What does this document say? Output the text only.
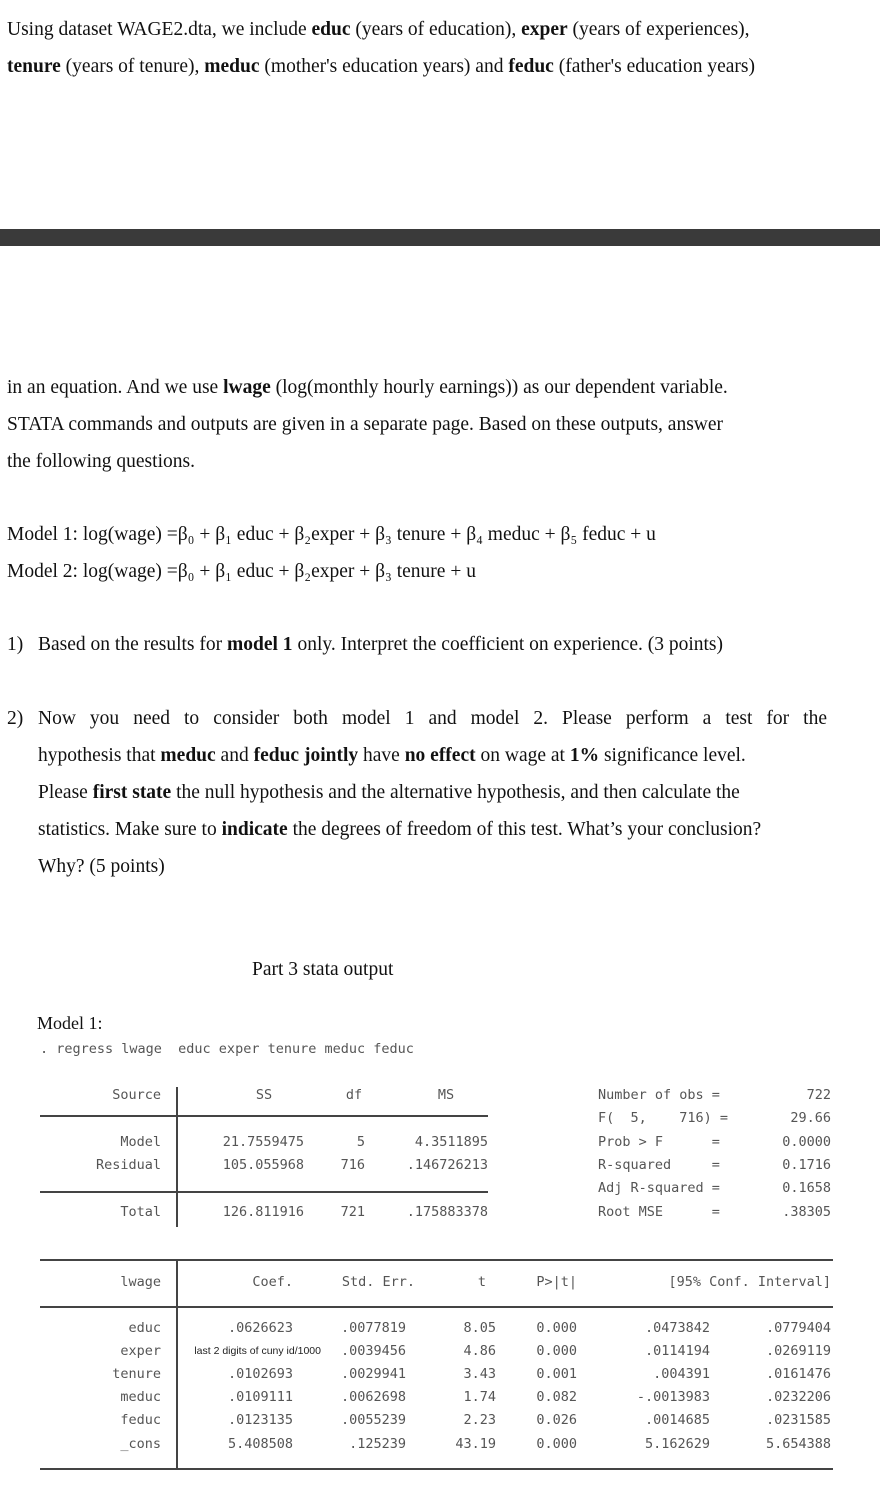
Using dataset WAGE2.dta, we include educ (years of education), exper (years of experiences),
tenure (years of tenure), meduc (mother's education years) and feduc (father's education years)
in an equation. And we use lwage (log(monthly hourly earnings)) as our dependent variable.
STATA commands and outputs are given in a separate page. Based on these outputs, answer
the following questions.
Model 1: log(wage) =β₀ + β₁ educ + β₂exper + β₃ tenure + β₄ meduc + β₅ feduc + u
Model 2: log(wage) =β₀ + β₁ educ + β₂exper + β₃ tenure + u
1) Based on the results for model 1 only. Interpret the coefficient on experience. (3 points)
2) Now you need to consider both model 1 and model 2. Please perform a test for the
hypothesis that meduc and feduc jointly have no effect on wage at 1% significance level.
Please first state the null hypothesis and the alternative hypothesis, and then calculate the
statistics. Make sure to indicate the degrees of freedom of this test. What’s your conclusion?
Why? (5 points)
Part 3 stata output
Model 1:
. regress lwage  educ exper tenure meduc feduc
Source	SS	df	MS
Model	21.7559475	5	4.3511895
Residual	105.055968	716	.146726213
Total	126.811916	721	.175883378
Number of obs =	722
F(  5,    716) =	29.66
Prob > F      =	0.0000
R-squared     =	0.1716
Adj R-squared =	0.1658
Root MSE      =	.38305
lwage	Coef.	Std. Err.	t	P>|t|	[95% Conf. Interval]
educ	.0626623	.0077819	8.05	0.000	.0473842	.0779404
exper	last 2 digits of cuny id/1000	.0039456	4.86	0.000	.0114194	.0269119
tenure	.0102693	.0029941	3.43	0.001	.004391	.0161476
meduc	.0109111	.0062698	1.74	0.082	-.0013983	.0232206
feduc	.0123135	.0055239	2.23	0.026	.0014685	.0231585
_cons	5.408508	.125239	43.19	0.000	5.162629	5.654388
